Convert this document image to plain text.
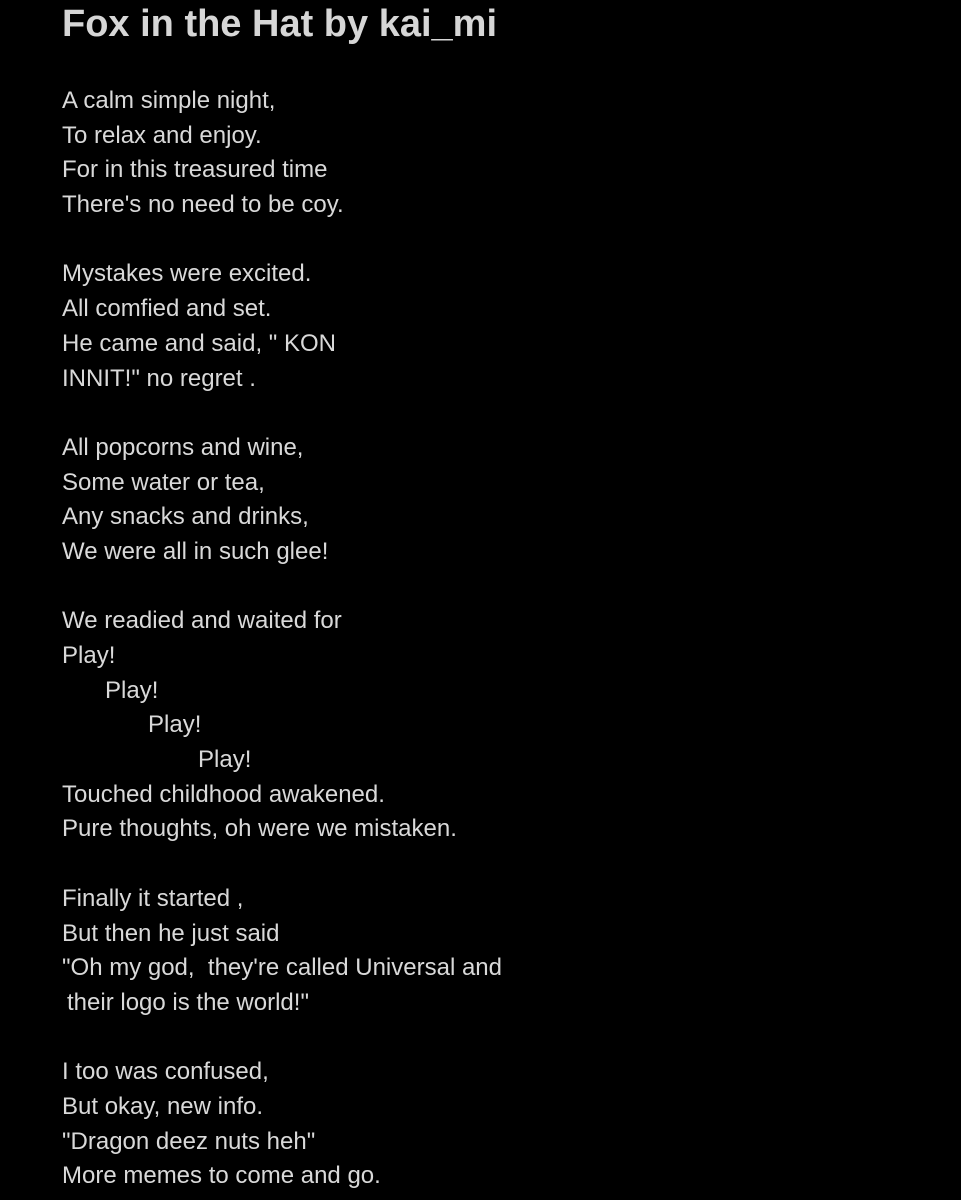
Fox in the Hat by kai_mi
A calm simple night,
To relax and enjoy.
For in this treasured time
There's no need to be coy.
Mystakes were excited.
All comfied and set.
He came and said, " KON
INNIT!" no regret .
All popcorns and wine,
Some water or tea,
Any snacks and drinks,
We were all in such glee!
We readied and waited for
Play!
Play!
Play!
Play!
Touched childhood awakened.
Pure thoughts, oh were we mistaken.
Finally it started ,
But then he just said
"Oh my god,  they're called Universal and
their logo is the world!"
I too was confused,
But okay, new info.
"Dragon deez nuts heh"
More memes to come and go.
